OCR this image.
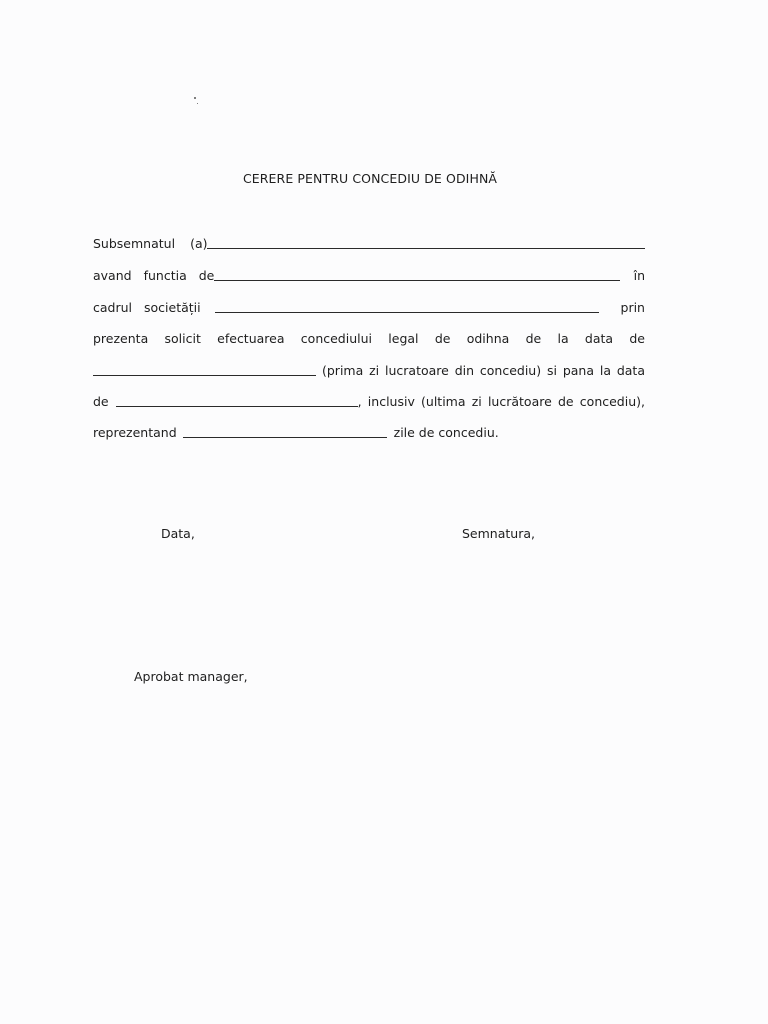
CERERE PENTRU CONCEDIU DE ODIHNĂ
Subsemnatul (a)
avand functia de	în
cadrul societății	prin
prezenta solicit efectuarea concediului legal de odihna de la data de
(prima zi lucratoare din concediu) si pana la data
de	, inclusiv (ultima zi lucrătoare de concediu),
reprezentand	zile de concediu.
Data,	Semnatura,
Aprobat manager,
